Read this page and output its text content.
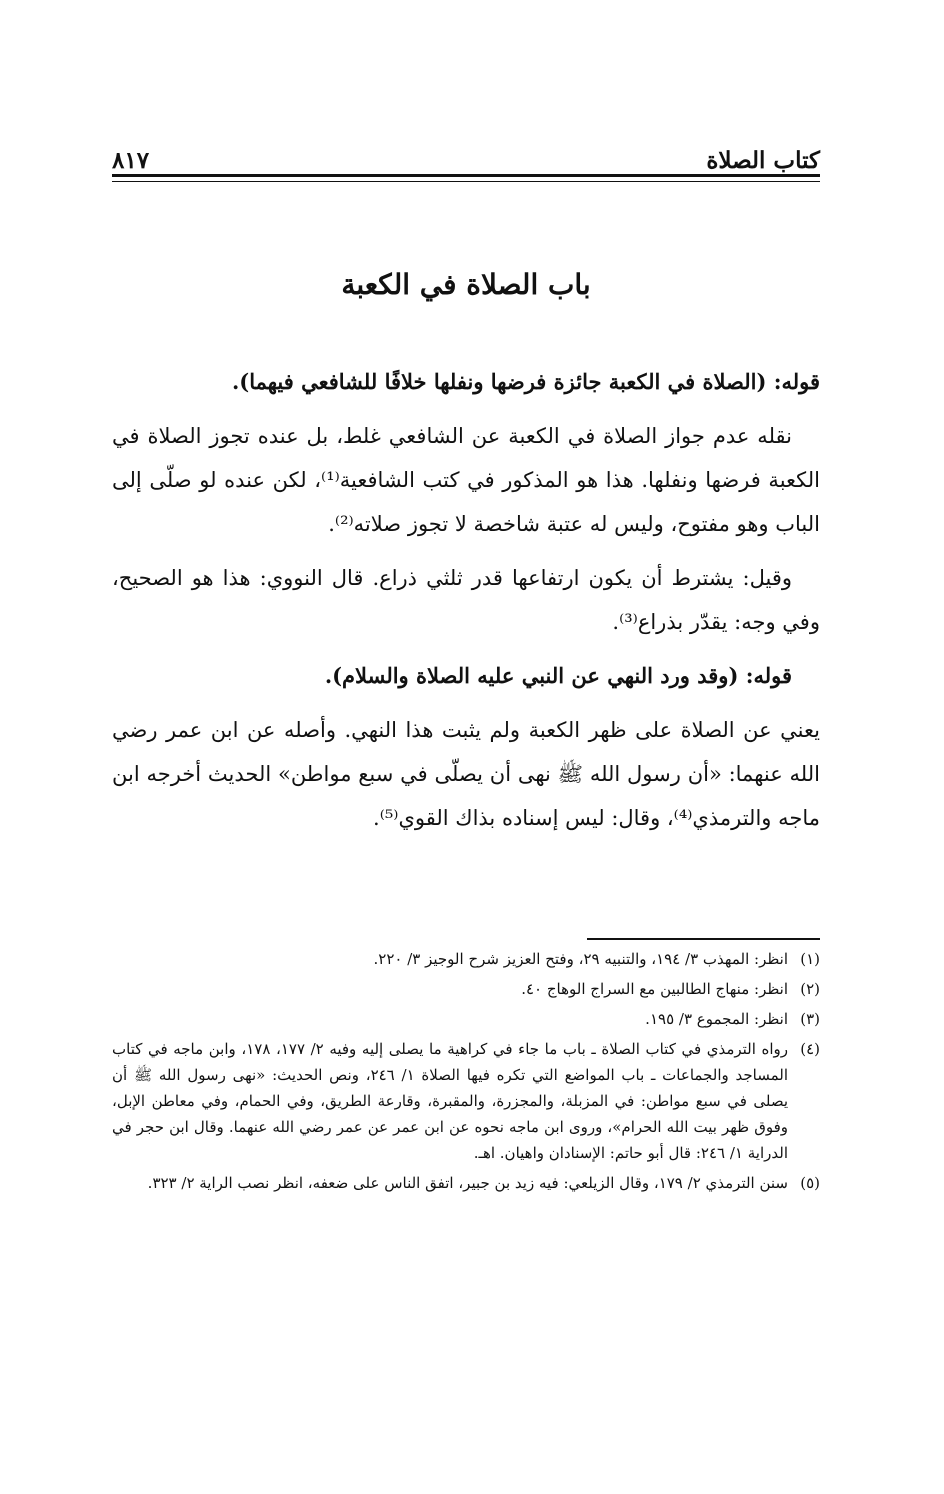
كتاب الصلاة
٨١٧
باب الصلاة في الكعبة

قوله: (الصلاة في الكعبة جائزة فرضها ونفلها خلافًا للشافعي فيهما).

نقله عدم جواز الصلاة في الكعبة عن الشافعي غلط، بل عنده تجوز الصلاة في الكعبة فرضها ونفلها. هذا هو المذكور في كتب الشافعية⁽¹⁾، لكن عنده لو صلّى إلى الباب وهو مفتوح، وليس له عتبة شاخصة لا تجوز صلاته⁽²⁾.

وقيل: يشترط أن يكون ارتفاعها قدر ثلثي ذراع. قال النووي: هذا هو الصحيح، وفي وجه: يقدّر بذراع⁽³⁾.

قوله: (وقد ورد النهي عن النبي عليه الصلاة والسلام).

يعني عن الصلاة على ظهر الكعبة ولم يثبت هذا النهي. وأصله عن ابن عمر رضي الله عنهما: «أن رسول الله ﷺ نهى أن يصلّى في سبع مواطن» الحديث أخرجه ابن ماجه والترمذي⁽⁴⁾، وقال: ليس إسناده بذاك القوي⁽⁵⁾.

(١)
انظر: المهذب ٣/ ١٩٤، والتنبيه ٢٩، وفتح العزيز شرح الوجيز ٣/ ٢٢٠.
(٢)
انظر: منهاج الطالبين مع السراج الوهاج ٤٠.
(٣)
انظر: المجموع ٣/ ١٩٥.
(٤)
رواه الترمذي في كتاب الصلاة ـ باب ما جاء في كراهية ما يصلى إليه وفيه ٢/ ١٧٧، ١٧٨، وابن ماجه في كتاب المساجد والجماعات ـ باب المواضع التي تكره فيها الصلاة ١/ ٢٤٦، ونص الحديث: «نهى رسول الله ﷺ أن يصلى في سبع مواطن: في المزبلة، والمجزرة، والمقبرة، وقارعة الطريق، وفي الحمام، وفي معاطن الإبل، وفوق ظهر بيت الله الحرام»، وروى ابن ماجه نحوه عن ابن عمر عن عمر رضي الله عنهما. وقال ابن حجر في الدراية ١/ ٢٤٦: قال أبو حاتم: الإسنادان واهيان. اهـ.
(٥)
سنن الترمذي ٢/ ١٧٩، وقال الزيلعي: فيه زيد بن جبير، اتفق الناس على ضعفه، انظر نصب الراية ٢/ ٣٢٣.
